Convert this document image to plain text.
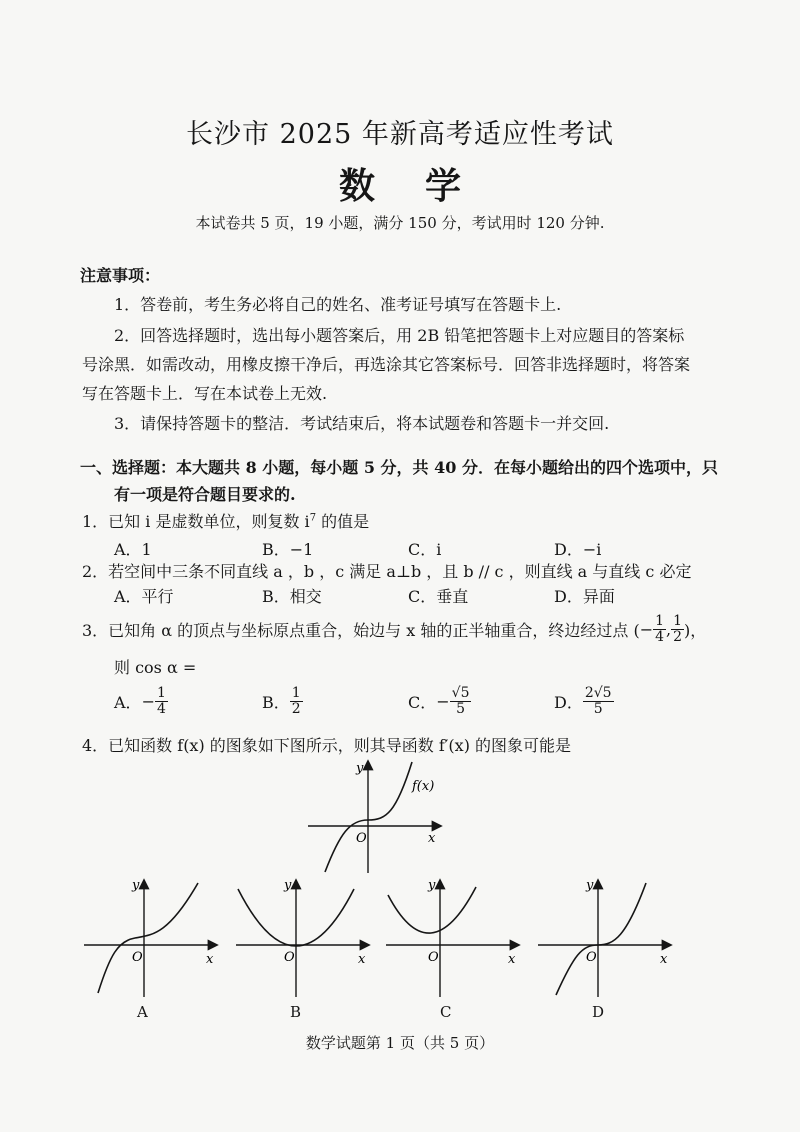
长沙市 2025 年新高考适应性考试
数学
本试卷共 5 页，19 小题，满分 150 分，考试用时 120 分钟.
注意事项：
1．答卷前，考生务必将自己的姓名、准考证号填写在答题卡上.
2．回答选择题时，选出每小题答案后，用 2B 铅笔把答题卡上对应题目的答案标
号涂黑．如需改动，用橡皮擦干净后，再选涂其它答案标号．回答非选择题时，将答案
写在答题卡上．写在本试卷上无效.
3．请保持答题卡的整洁．考试结束后，将本试题卷和答题卡一并交回.
一、选择题：本大题共 8 小题，每小题 5 分，共 40 分．在每小题给出的四个选项中，只
有一项是符合题目要求的.
1．已知 i 是虚数单位，则复数 $i^7$ 的值是
A．1	B．−1	C．i	D．−i
2．若空间中三条不同直线 a ，b ，c 满足 a⊥b ，且 b // c ，则直线 a 与直线 c 必定
A．平行	B．相交	C．垂直	D．异面
3．已知角 α 的顶点与坐标原点重合，始边与 x 轴的正半轴重合，终边经过点 ( − $\frac{1}{4}$ , $\frac{1}{2}$ )，
则 cos α =
A． − $\frac{1}{4}$	B． $\frac{1}{2}$	C． − $\frac{√5}{5}$	D． $\frac{2√5}{5}$
4．已知函数 f(x) 的图象如下图所示，则其导函数 f′(x) 的图象可能是
y
x
O
f(x)
y
x
O
A
y
x
O
B
y
x
O
C
y
x
O
D
数学试题第 1 页（共 5 页）
